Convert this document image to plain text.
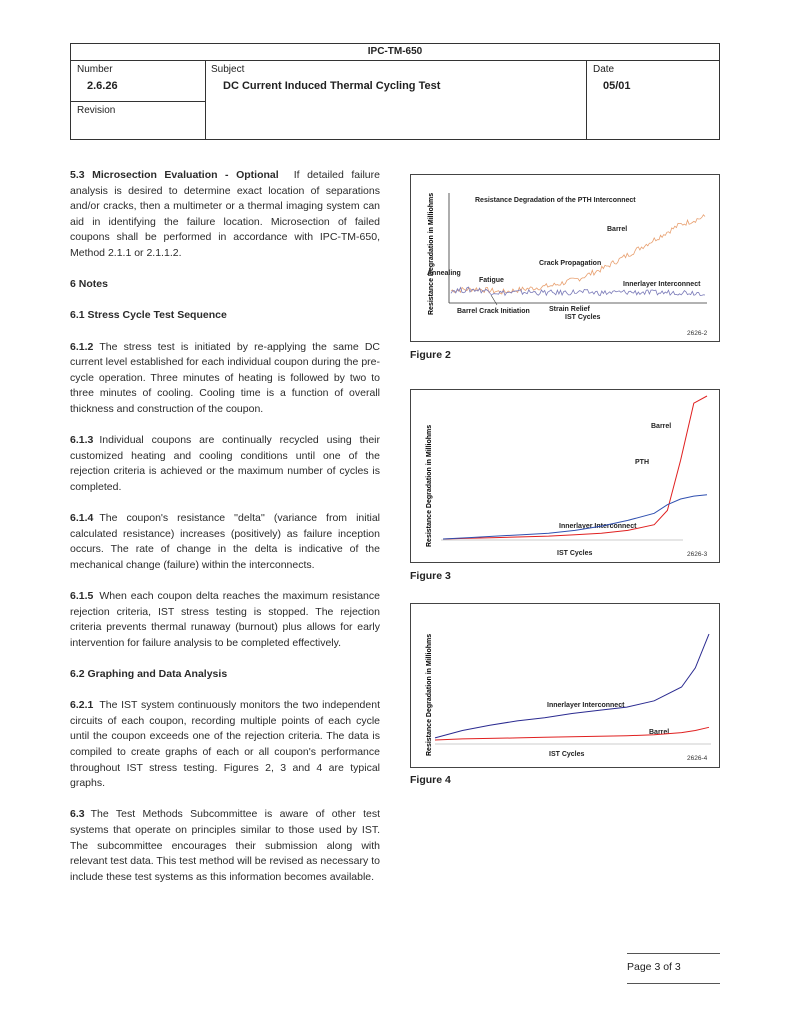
IPC-TM-650
Number
2.6.26
Subject
DC Current Induced Thermal Cycling Test
Date
05/01
Revision

5.3 Microsection Evaluation - Optional If detailed failure analysis is desired to determine exact location of separations and/or cracks, then a multimeter or a thermal imaging system can aid in identifying the failure location. Microsection of failed coupons shall be performed in accordance with IPC-TM-650, Method 2.1.1 or 2.1.1.2.

6 Notes
6.1 Stress Cycle Test Sequence

6.1.2 The stress test is initiated by re-applying the same DC current level established for each individual coupon during the pre-cycle operation. Three minutes of heating is followed by two to three minutes of cooling. Cooling time is a function of overall thickness and construction of the coupon.

6.1.3 Individual coupons are continually recycled using their customized heating and cooling conditions until one of the rejection criteria is achieved or the maximum number of cycles is completed.

6.1.4 The coupon's resistance ''delta'' (variance from initial calculated resistance) increases (positively) as failure inception occurs. The rate of change in the delta is indicative of the mechanical change (failure) within the interconnects.

6.1.5 When each coupon delta reaches the maximum resistance rejection criteria, IST stress testing is stopped. The rejection criteria prevents thermal runaway (burnout) plus allows for early intervention for failure analysis to be completed effectively.

6.2 Graphing and Data Analysis

6.2.1 The IST system continuously monitors the two independent circuits of each coupon, recording multiple points of each cycle until the coupon exceeds one of the rejection criteria. The data is compiled to create graphs of each or all coupon's performance throughout IST stress testing. Figures 2, 3 and 4 are typical graphs.

6.3 The Test Methods Subcommittee is aware of other test systems that operate on principles similar to those used by IST. The subcommittee encourages their submission along with relevant test data. This test method will be revised as necessary to include these test systems as this information becomes available.

Resistance Degradation in Milliohms	Resistance Degradation of the PTH Interconnect
Barrel
Crack Propagation
Annealing
Fatigue
Innerlayer Interconnect
Barrel Crack Initiation	Strain Relief
IST Cycles
2626-2
Figure 2
Resistance Degradation in Milliohms	Barrel
PTH
Innerlayer Interconnect
IST Cycles	2626-3
Figure 3
Resistance Degradation in Milliohms	Innerlayer Interconnect
Barrel
IST Cycles
2626-4
Figure 4
Page 3 of 3
